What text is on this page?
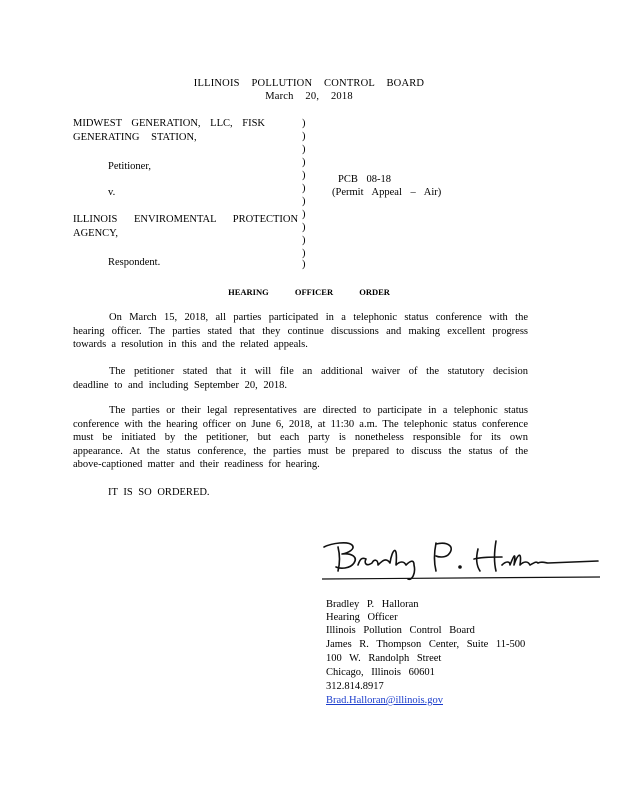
ILLINOIS POLLUTION CONTROL BOARD
March 20, 2018
MIDWEST GENERATION, LLC, FISK
GENERATING STATION,
Petitioner,
v.
ILLINOIS ENVIROMENTAL PROTECTION
AGENCY,
Respondent.
)
)
)
)
)
)
)
)
)
)
)
)
PCB 08-18
(Permit Appeal – Air)
HEARING OFFICER ORDER
On March 15, 2018, all parties participated in a telephonic status conference with the hearing officer. The parties stated that they continue discussions and making excellent progress towards a resolution in this and the related appeals.
The petitioner stated that it will file an additional waiver of the statutory decision deadline to and including September 20, 2018.
The parties or their legal representatives are directed to participate in a telephonic status conference with the hearing officer on June 6, 2018, at 11:30 a.m. The telephonic status conference must be initiated by the petitioner, but each party is nonetheless responsible for its own appearance. At the status conference, the parties must be prepared to discuss the status of the above-captioned matter and their readiness for hearing.
IT IS SO ORDERED.
Bradley P. Halloran
Hearing Officer
Illinois Pollution Control Board
James R. Thompson Center, Suite 11-500
100 W. Randolph Street
Chicago, Illinois 60601
312.814.8917
Brad.Halloran@illinois.gov
